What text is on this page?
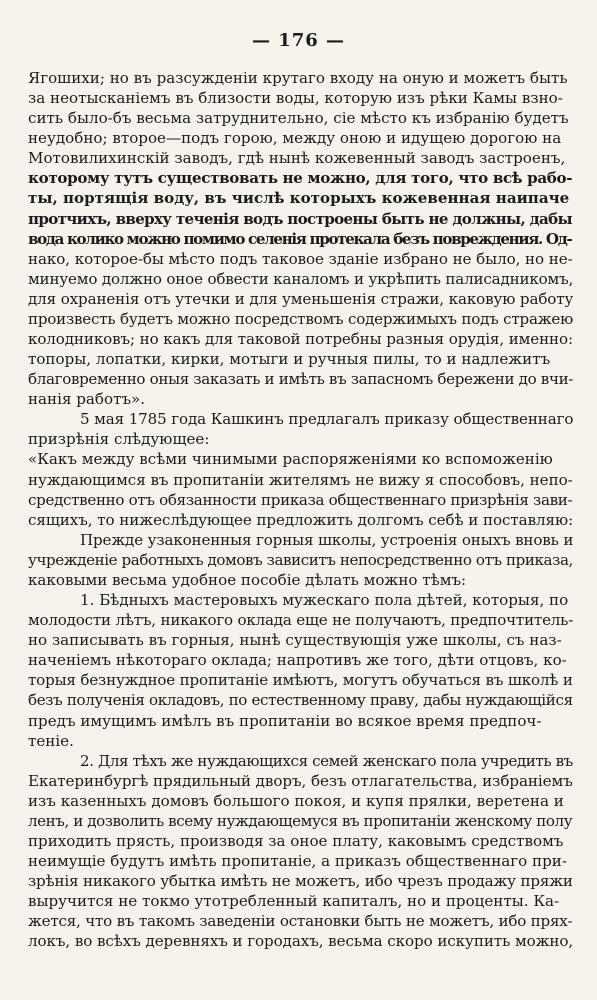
— 176 —
Ягошихи; но въ разсужденіи крутаго входу на оную и можетъ быть
за неотысканіемъ въ близости воды, которую изъ рѣки Камы взно-
сить было-бъ весьма затруднительно, сіе мѣсто къ избранію будетъ
неудобно; второе—подъ горою, между оною и идущею дорогою на
Мотовилихинскій заводъ, гдѣ нынѣ кожевенный заводъ застроенъ,
которому тутъ существовать не можно, для того, что всѣ рабо-
ты, портящія воду, въ числѣ которыхъ кожевенная наипаче
протчихъ, вверху теченія водъ построены быть не должны, дабы
вода колико можно помимо селенія протекала безъ повреждения. Од-
нако, которое-бы мѣсто подъ таковое зданіе избрано не было, но не-
минуемо должно оное обвести каналомъ и укрѣпить палисадникомъ,
для охраненія отъ утечки и для уменьшенія стражи, каковую работу
произвесть будетъ можно посредствомъ содержимыхъ подъ стражею
колодниковъ; но какъ для таковой потребны разныя орудія, именно:
топоры, лопатки, кирки, мотыги и ручныя пилы, то и надлежитъ
благовременно оныя заказать и имѣть въ запасномъ бережени до вчи-
нанія работъ».
5 мая 1785 года Кашкинъ предлагалъ приказу общественнаго
призрѣнія слѣдующее:
«Какъ между всѣми чинимыми распоряженіями ко вспоможенію
нуждающимся въ пропитаніи жителямъ не вижу я способовъ, непо-
средственно отъ обязанности приказа общественнаго призрѣнія зави-
сящихъ, то нижеслѣдующее предложить долгомъ себѣ и поставляю:
Прежде узаконенныя горныя школы, устроенія оныхъ вновь и
учрежденіе работныхъ домовъ зависитъ непосредственно отъ приказа,
каковыми весьма удобное пособіе дѣлать можно тѣмъ:
1. Бѣдныхъ мастеровыхъ мужескаго пола дѣтей, которыя, по
молодости лѣтъ, никакого оклада еще не получаютъ, предпочтитель-
но записывать въ горныя, нынѣ существующія уже школы, съ наз-
наченіемъ нѣкотораго оклада; напротивъ же того, дѣти отцовъ, ко-
торыя безнуждное пропитаніе имѣютъ, могутъ обучаться въ школѣ и
безъ полученія окладовъ, по естественному праву, дабы нуждающійся
предъ имущимъ имѣлъ въ пропитаніи во всякое время предпоч-
теніе.
2. Для тѣхъ же нуждающихся семей женскаго пола учредить въ
Екатеринбургѣ прядильный дворъ, безъ отлагательства, избраніемъ
изъ казенныхъ домовъ большого покоя, и купя прялки, веретена и
ленъ, и дозволить всему нуждающемуся въ пропитаніи женскому полу
приходить прясть, производя за оное плату, каковымъ средствомъ
неимущіе будутъ имѣть пропитаніе, а приказъ общественнаго при-
зрѣнія никакого убытка имѣть не можетъ, ибо чрезъ продажу пряжи
выручится не токмо утотребленный капиталъ, но и проценты. Ка-
жется, что въ такомъ заведеніи остановки быть не можетъ, ибо прях-
локъ, во всѣхъ деревняхъ и городахъ, весьма скоро искупить можно,
